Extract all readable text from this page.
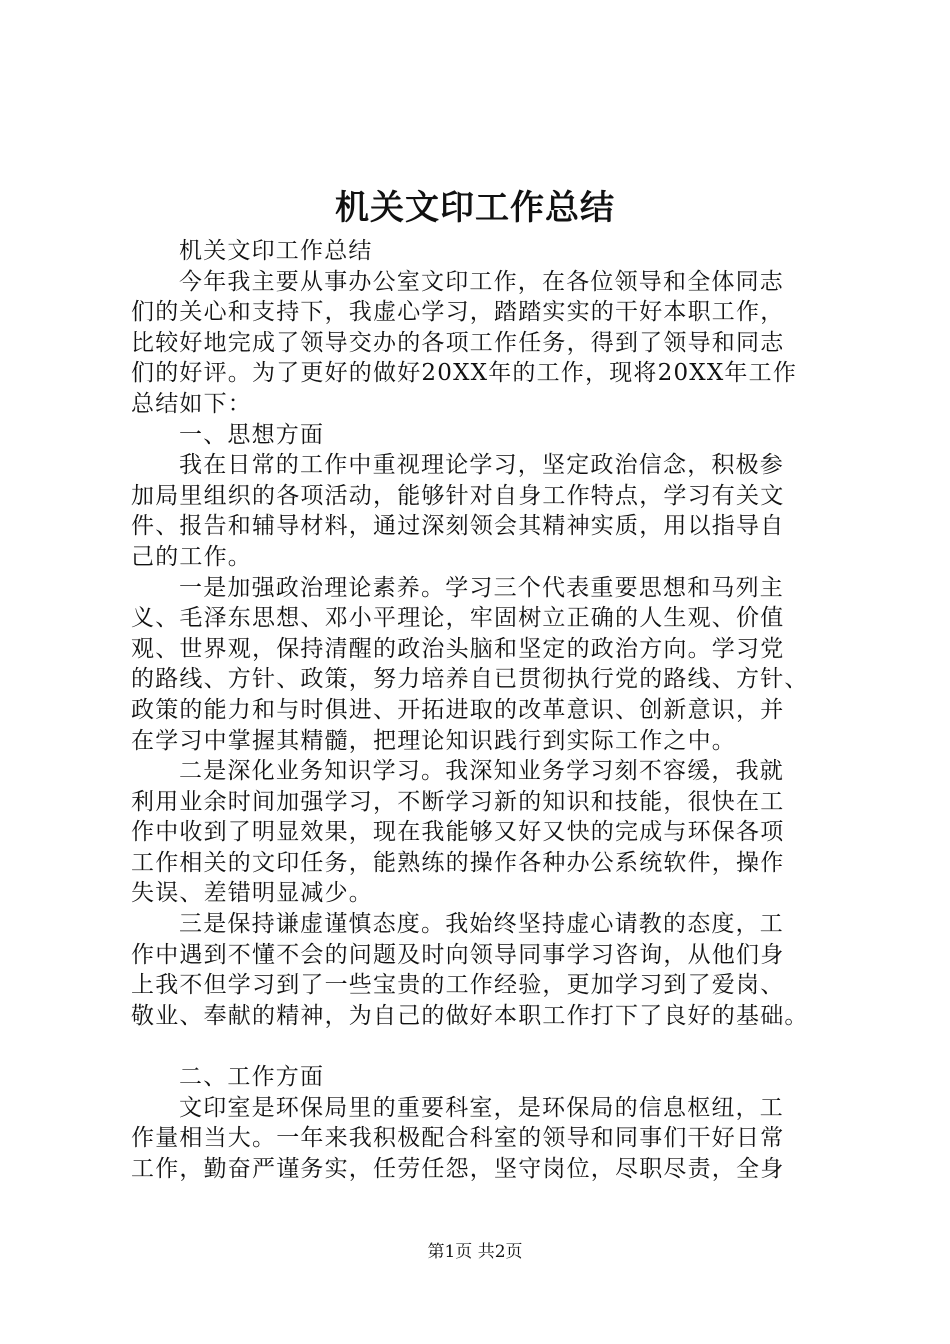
机关文印工作总结
机关文印工作总结
今年我主要从事办公室文印工作，在各位领导和全体同志
们的关心和支持下，我虚心学习，踏踏实实的干好本职工作，
比较好地完成了领导交办的各项工作任务，得到了领导和同志
们的好评。为了更好的做好20XX年的工作，现将20XX年工作
总结如下：
一、思想方面
我在日常的工作中重视理论学习，坚定政治信念，积极参
加局里组织的各项活动，能够针对自身工作特点，学习有关文
件、报告和辅导材料，通过深刻领会其精神实质，用以指导自
己的工作。
一是加强政治理论素养。学习三个代表重要思想和马列主
义、毛泽东思想、邓小平理论，牢固树立正确的人生观、价值
观、世界观，保持清醒的政治头脑和坚定的政治方向。学习党
的路线、方针、政策，努力培养自已贯彻执行党的路线、方针、
政策的能力和与时俱进、开拓进取的改革意识、创新意识，并
在学习中掌握其精髓，把理论知识践行到实际工作之中。
二是深化业务知识学习。我深知业务学习刻不容缓，我就
利用业余时间加强学习，不断学习新的知识和技能，很快在工
作中收到了明显效果，现在我能够又好又快的完成与环保各项
工作相关的文印任务，能熟练的操作各种办公系统软件，操作
失误、差错明显减少。
三是保持谦虚谨慎态度。我始终坚持虚心请教的态度，工
作中遇到不懂不会的问题及时向领导同事学习咨询，从他们身
上我不但学习到了一些宝贵的工作经验，更加学习到了爱岗、
敬业、奉献的精神，为自己的做好本职工作打下了良好的基础。
二、工作方面
文印室是环保局里的重要科室，是环保局的信息枢纽，工
作量相当大。一年来我积极配合科室的领导和同事们干好日常
工作，勤奋严谨务实，任劳任怨，坚守岗位，尽职尽责，全身
第1页 共2页
